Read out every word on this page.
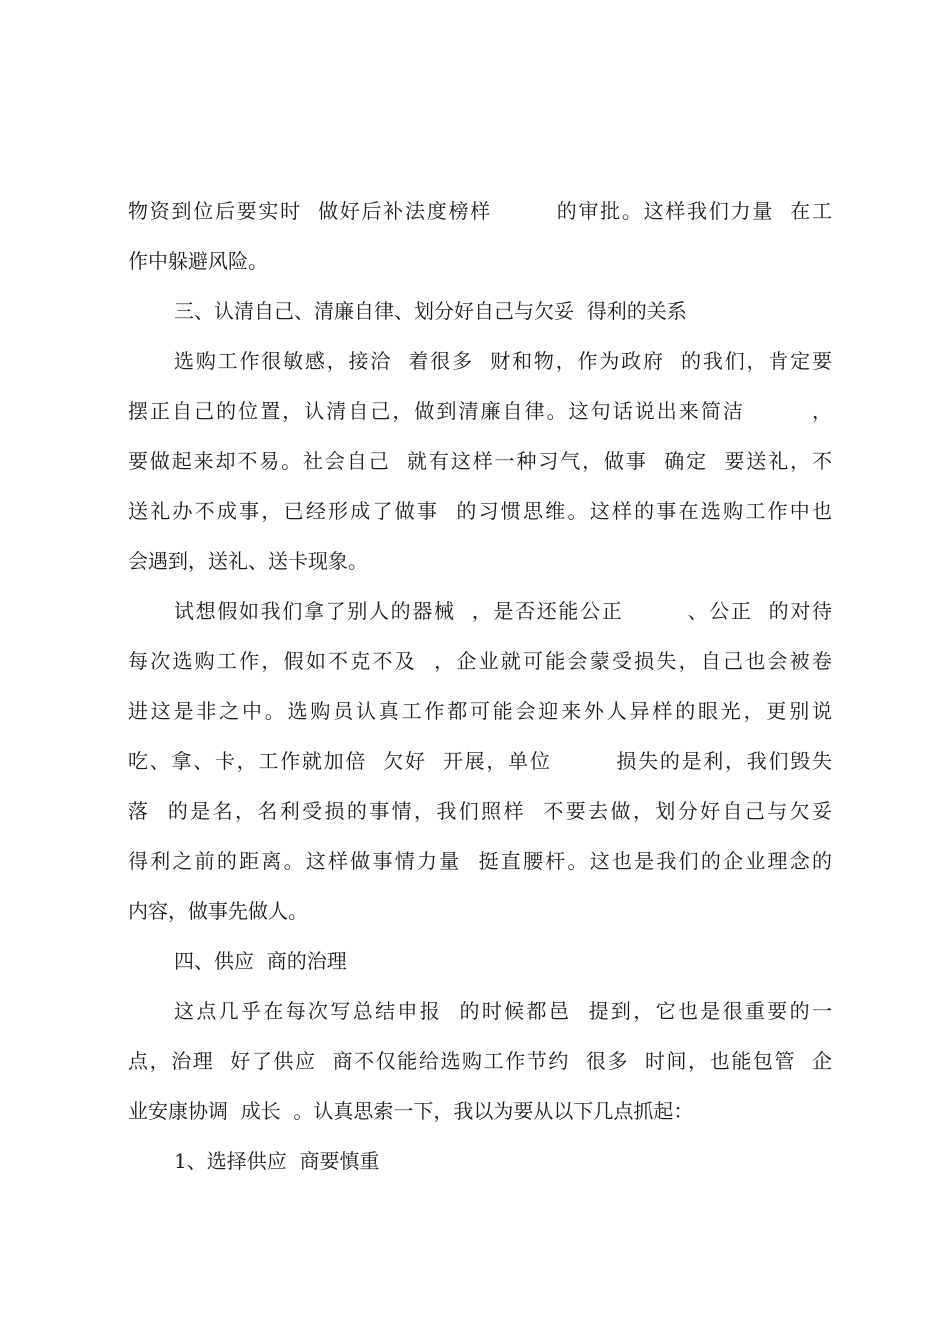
物资到位后要实时  做好后补法度榜样        的审批。这样我们力量  在工
作中躲避风险。
三、认清自己、清廉自律、划分好自己与欠妥  得利的关系
选购工作很敏感，接洽  着很多  财和物，作为政府  的我们，肯定要
摆正自己的位置，认清自己，做到清廉自律。这句话说出来简洁        ，
要做起来却不易。社会自己  就有这样一种习气，做事  确定  要送礼，不
送礼办不成事，已经形成了做事  的习惯思维。这样的事在选购工作中也
会遇到，送礼、送卡现象。
试想假如我们拿了别人的器械  ，是否还能公正        、公正  的对待
每次选购工作，假如不克不及  ，企业就可能会蒙受损失，自己也会被卷
进这是非之中。选购员认真工作都可能会迎来外人异样的眼光，更别说
吃、拿、卡，工作就加倍  欠好  开展，单位        损失的是利，我们毁失
落  的是名，名利受损的事情，我们照样  不要去做，划分好自己与欠妥
得利之前的距离。这样做事情力量  挺直腰杆。这也是我们的企业理念的
内容，做事先做人。
四、供应  商的治理
这点几乎在每次写总结申报  的时候都邑  提到，它也是很重要的一
点，治理  好了供应  商不仅能给选购工作节约  很多  时间，也能包管  企
业安康协调  成长  。认真思索一下，我以为要从以下几点抓起：
1、选择供应  商要慎重
